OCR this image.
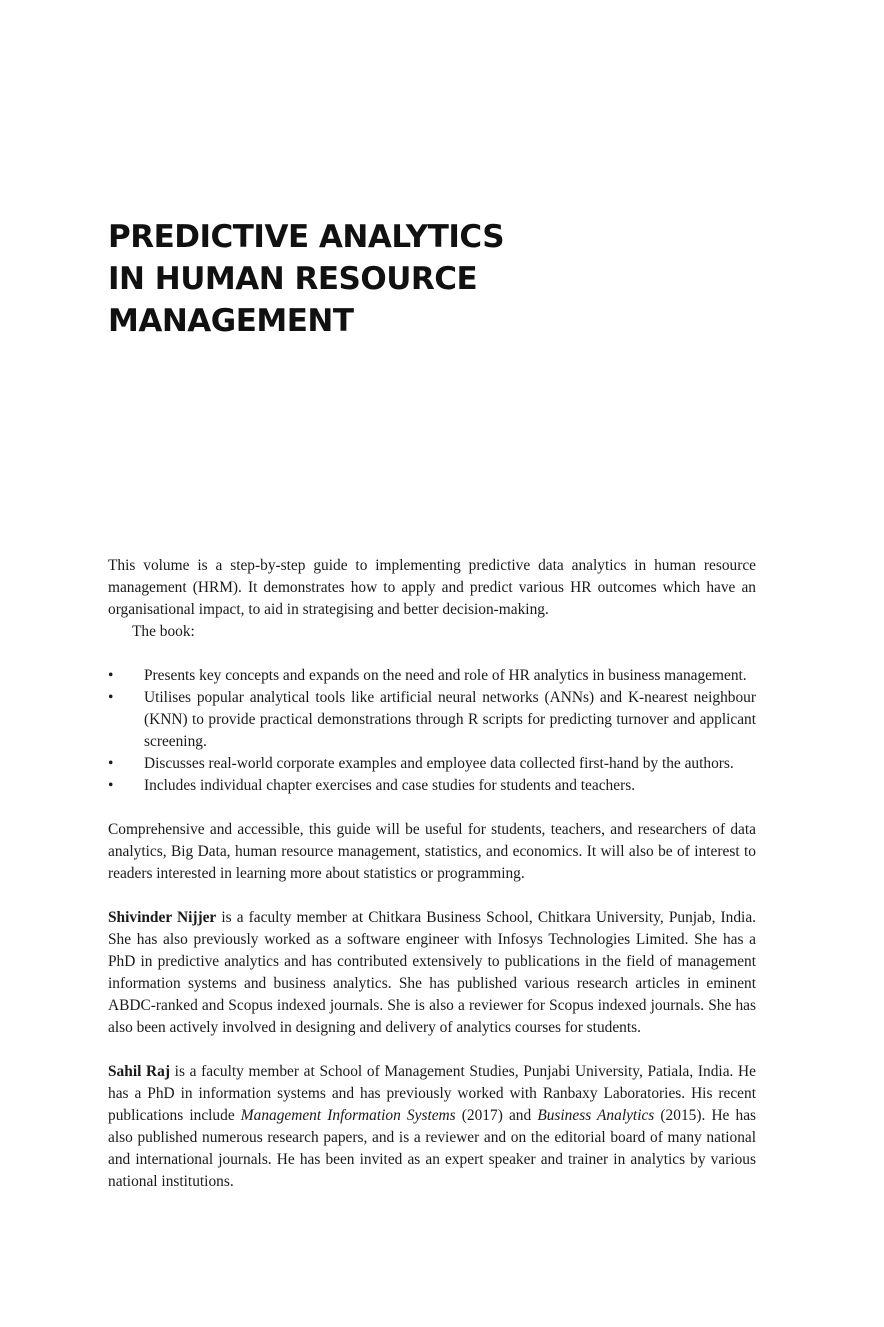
PREDICTIVE ANALYTICS
IN HUMAN RESOURCE
MANAGEMENT

This volume is a step-by-step guide to implementing predictive data analytics in human resource management (HRM). It demonstrates how to apply and predict various HR outcomes which have an organisational impact, to aid in strategising and better decision-making.

The book:

• Presents key concepts and expands on the need and role of HR analytics in business management.
• Utilises popular analytical tools like artificial neural networks (ANNs) and K-nearest neighbour (KNN) to provide practical demonstrations through R scripts for predicting turnover and applicant screening.
• Discusses real-world corporate examples and employee data collected first-hand by the authors.
• Includes individual chapter exercises and case studies for students and teachers.

Comprehensive and accessible, this guide will be useful for students, teachers, and researchers of data analytics, Big Data, human resource management, statistics, and economics. It will also be of interest to readers interested in learning more about statistics or programming.

Shivinder Nijjer is a faculty member at Chitkara Business School, Chitkara University, Punjab, India. She has also previously worked as a software engineer with Infosys Technologies Limited. She has a PhD in predictive analytics and has contributed extensively to publications in the field of management information systems and business analytics. She has published various research articles in eminent ABDC-ranked and Scopus indexed journals. She is also a reviewer for Scopus indexed journals. She has also been actively involved in designing and delivery of analytics courses for students.

Sahil Raj is a faculty member at School of Management Studies, Punjabi University, Patiala, India. He has a PhD in information systems and has previously worked with Ranbaxy Laboratories. His recent publications include Management Information Systems (2017) and Business Analytics (2015). He has also published numerous research papers, and is a reviewer and on the editorial board of many national and international journals. He has been invited as an expert speaker and trainer in analytics by various national institutions.
